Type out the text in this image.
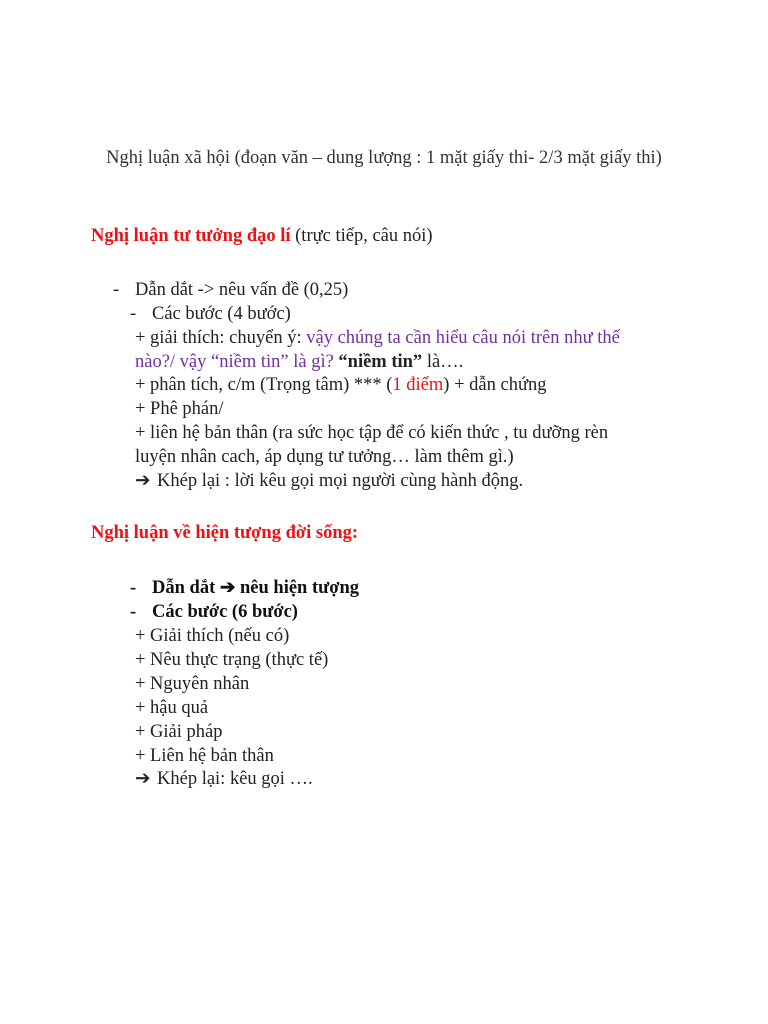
Nghị luận xã hội (đoạn văn – dung lượng : 1 mặt giấy thi- 2/3 mặt giấy thi)
Nghị luận tư tưởng đạo lí (trực tiếp, câu nói)
- Dẫn dắt -> nêu vấn đề (0,25)
- Các bước (4 bước)
+ giải thích: chuyển ý: vậy chúng ta cần hiểu câu nói trên như thế
nào?/ vậy “niềm tin” là gì? “niềm tin” là….
+ phân tích, c/m (Trọng tâm) *** (1 điểm) + dẫn chứng
+ Phê phán/
+ liên hệ bản thân (ra sức học tập để có kiến thức , tu dưỡng rèn
luyện nhân cach, áp dụng tư tưởng… làm thêm gì.)
➔ Khép lại : lời kêu gọi mọi người cùng hành động.
Nghị luận về hiện tượng đời sống:
- Dẫn dắt ➔ nêu hiện tượng
- Các bước (6 bước)
+ Giải thích (nếu có)
+ Nêu thực trạng (thực tế)
+ Nguyên nhân
+ hậu quả
+ Giải pháp
+ Liên hệ bản thân
➔ Khép lại: kêu gọi ….
